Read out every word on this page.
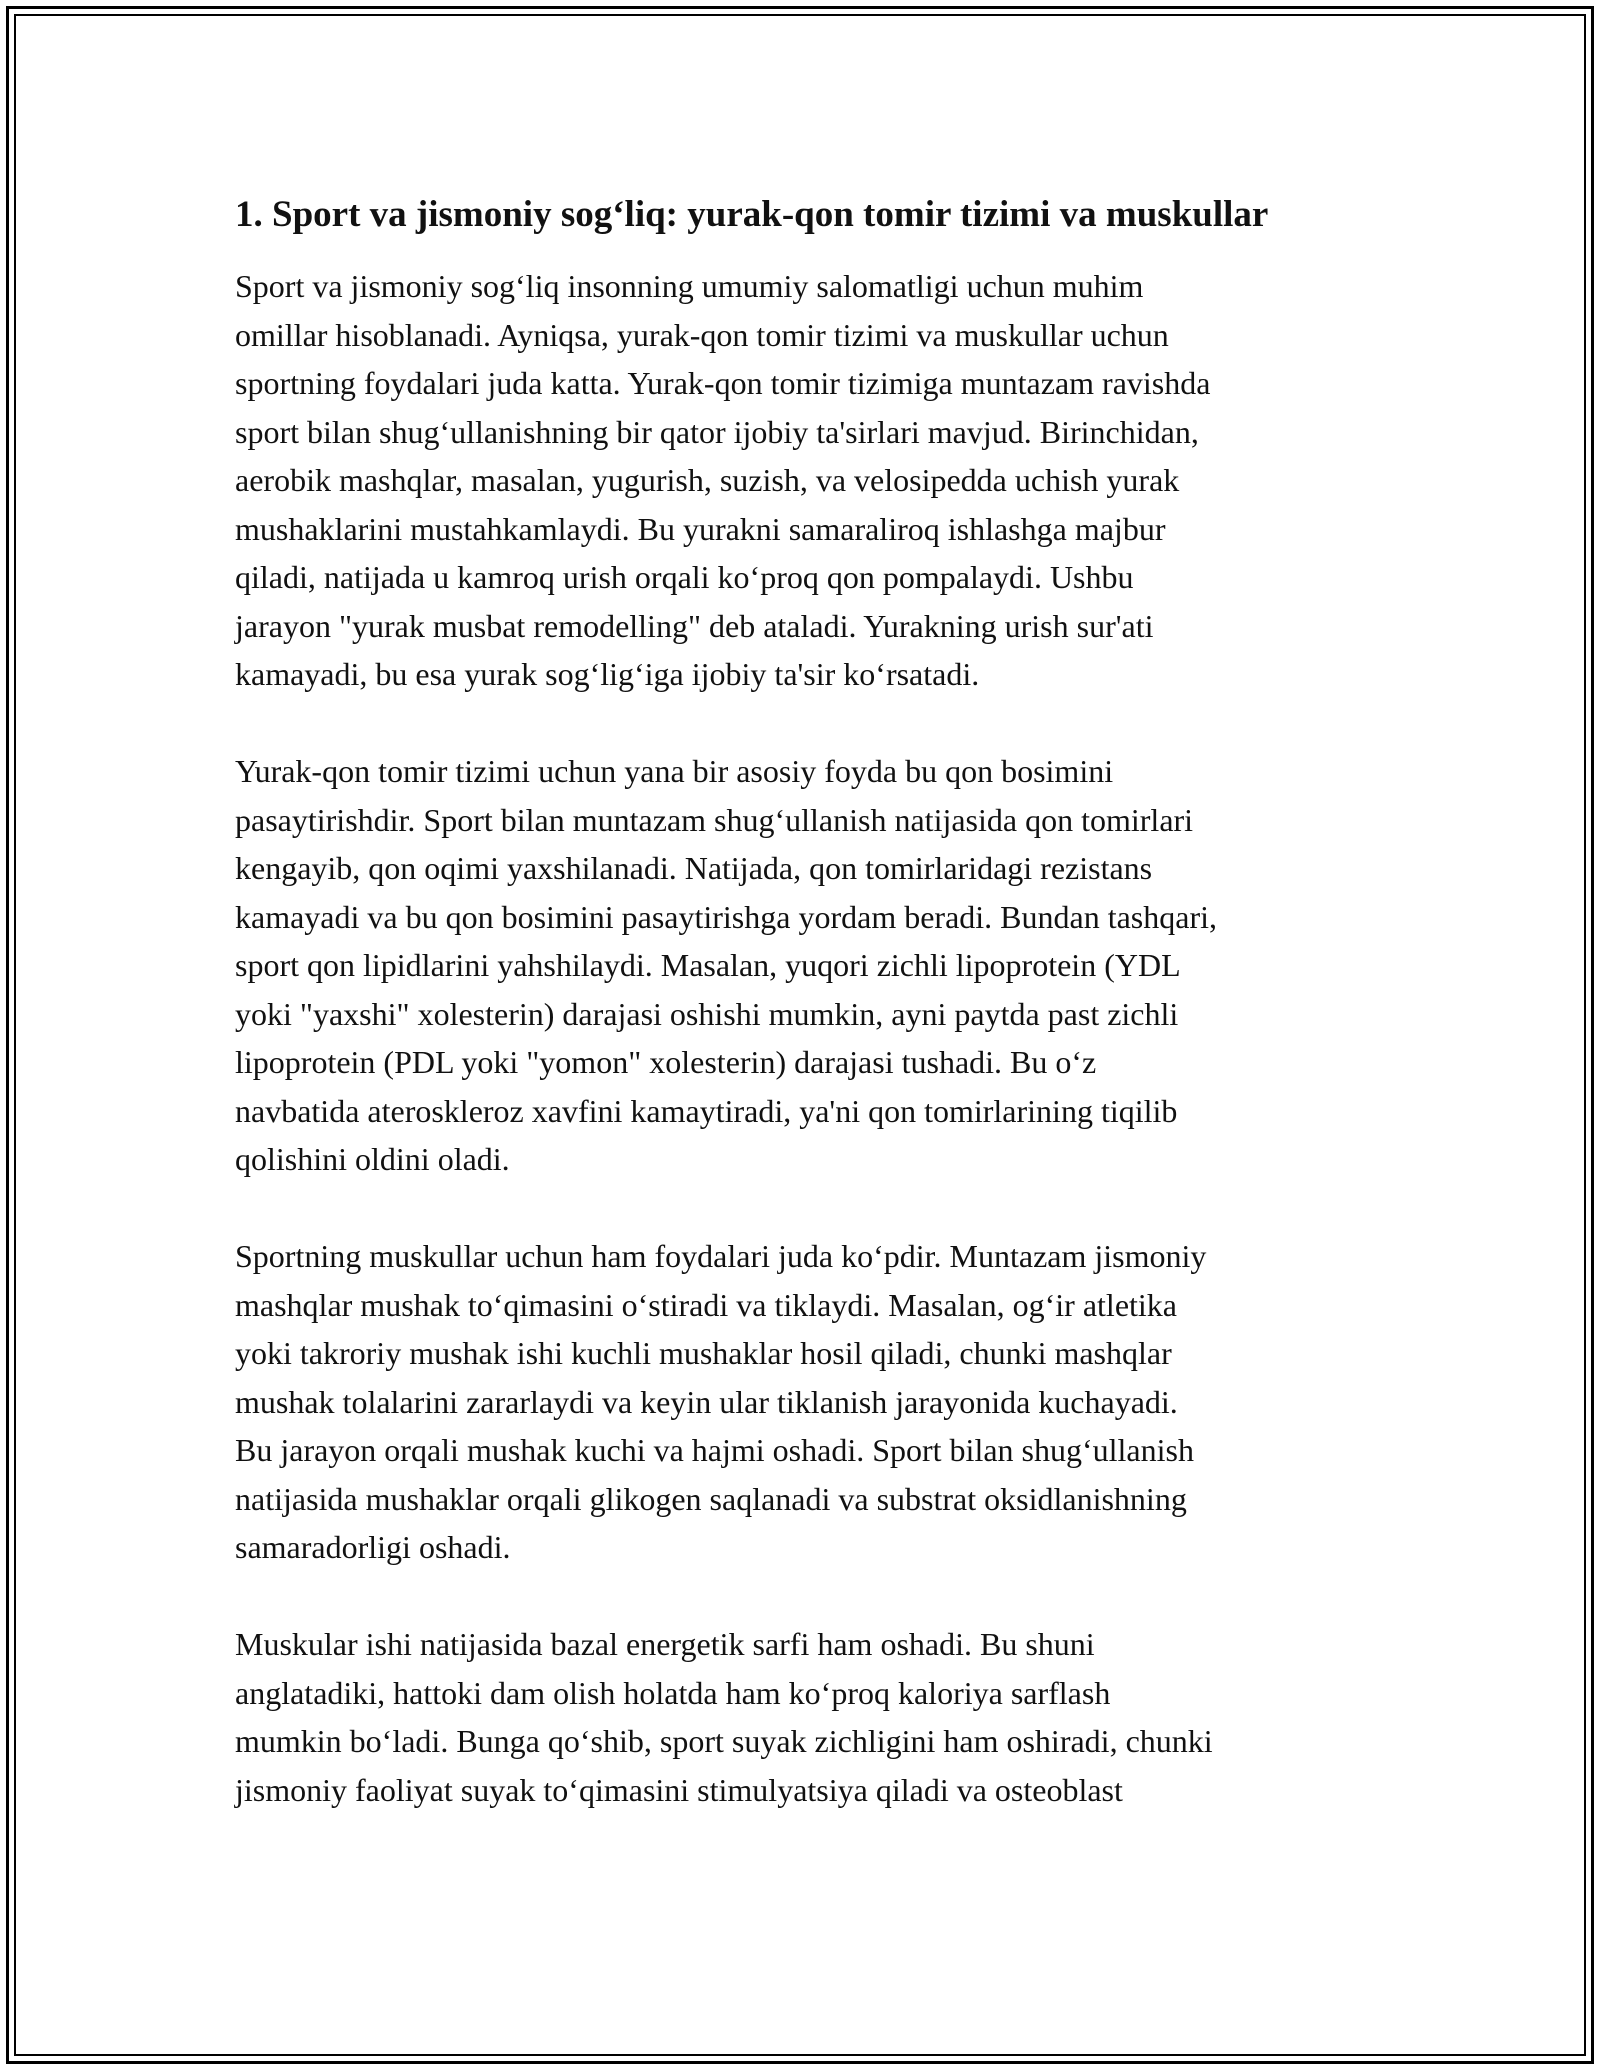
1. Sport va jismoniy sog‘liq: yurak-qon tomir tizimi va muskullar

Sport va jismoniy sog‘liq insonning umumiy salomatligi uchun muhim
omillar hisoblanadi. Ayniqsa, yurak-qon tomir tizimi va muskullar uchun
sportning foydalari juda katta. Yurak-qon tomir tizimiga muntazam ravishda
sport bilan shug‘ullanishning bir qator ijobiy ta'sirlari mavjud. Birinchidan,
aerobik mashqlar, masalan, yugurish, suzish, va velosipedda uchish yurak
mushaklarini mustahkamlaydi. Bu yurakni samaraliroq ishlashga majbur
qiladi, natijada u kamroq urish orqali ko‘proq qon pompalaydi. Ushbu
jarayon "yurak musbat remodelling" deb ataladi. Yurakning urish sur'ati
kamayadi, bu esa yurak sog‘lig‘iga ijobiy ta'sir ko‘rsatadi.

Yurak-qon tomir tizimi uchun yana bir asosiy foyda bu qon bosimini
pasaytirishdir. Sport bilan muntazam shug‘ullanish natijasida qon tomirlari
kengayib, qon oqimi yaxshilanadi. Natijada, qon tomirlaridagi rezistans
kamayadi va bu qon bosimini pasaytirishga yordam beradi. Bundan tashqari,
sport qon lipidlarini yahshilaydi. Masalan, yuqori zichli lipoprotein (YDL
yoki "yaxshi" xolesterin) darajasi oshishi mumkin, ayni paytda past zichli
lipoprotein (PDL yoki "yomon" xolesterin) darajasi tushadi. Bu o‘z
navbatida ateroskleroz xavfini kamaytiradi, ya'ni qon tomirlarining tiqilib
qolishini oldini oladi.

Sportning muskullar uchun ham foydalari juda ko‘pdir. Muntazam jismoniy
mashqlar mushak to‘qimasini o‘stiradi va tiklaydi. Masalan, og‘ir atletika
yoki takroriy mushak ishi kuchli mushaklar hosil qiladi, chunki mashqlar
mushak tolalarini zararlaydi va keyin ular tiklanish jarayonida kuchayadi.
Bu jarayon orqali mushak kuchi va hajmi oshadi. Sport bilan shug‘ullanish
natijasida mushaklar orqali glikogen saqlanadi va substrat oksidlanishning
samaradorligi oshadi.

Muskular ishi natijasida bazal energetik sarfi ham oshadi. Bu shuni
anglatadiki, hattoki dam olish holatda ham ko‘proq kaloriya sarflash
mumkin bo‘ladi. Bunga qo‘shib, sport suyak zichligini ham oshiradi, chunki
jismoniy faoliyat suyak to‘qimasini stimulyatsiya qiladi va osteoblast
